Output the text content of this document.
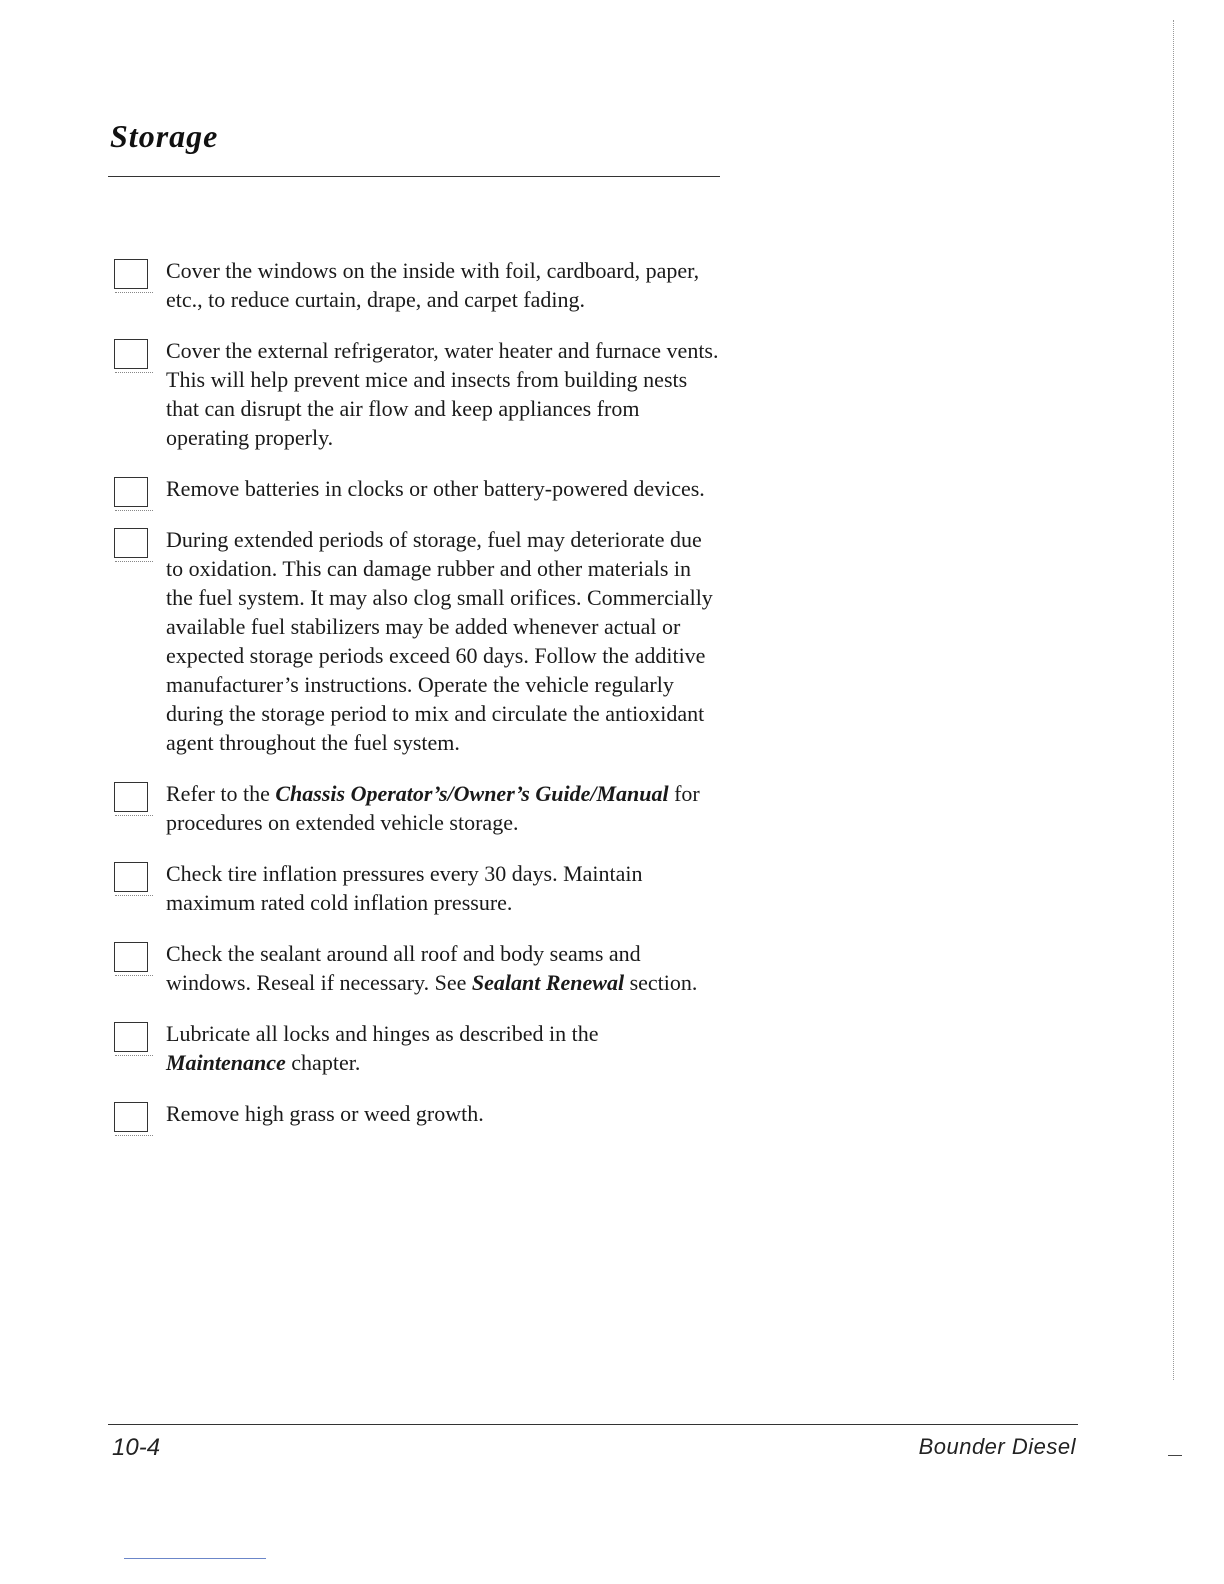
Storage

Cover the windows on the inside with foil, cardboard, paper, etc., to reduce curtain, drape, and carpet fading.

Cover the external refrigerator, water heater and furnace vents. This will help prevent mice and insects from building nests that can disrupt the air flow and keep appliances from operating properly.

Remove batteries in clocks or other battery-powered devices.

During extended periods of storage, fuel may deteriorate due to oxidation. This can damage rubber and other materials in the fuel system. It may also clog small orifices. Commercially available fuel stabilizers may be added whenever actual or expected storage periods exceed 60 days. Follow the additive manufacturer’s instructions. Operate the vehicle regularly during the storage period to mix and circulate the antioxidant agent throughout the fuel system.

Refer to the Chassis Operator’s/Owner’s Guide/Manual for procedures on extended vehicle storage.

Check tire inflation pressures every 30 days. Maintain maximum rated cold inflation pressure.

Check the sealant around all roof and body seams and windows. Reseal if necessary. See Sealant Renewal section.

Lubricate all locks and hinges as described in the Maintenance chapter.

Remove high grass or weed growth.

10-4	Bounder Diesel
